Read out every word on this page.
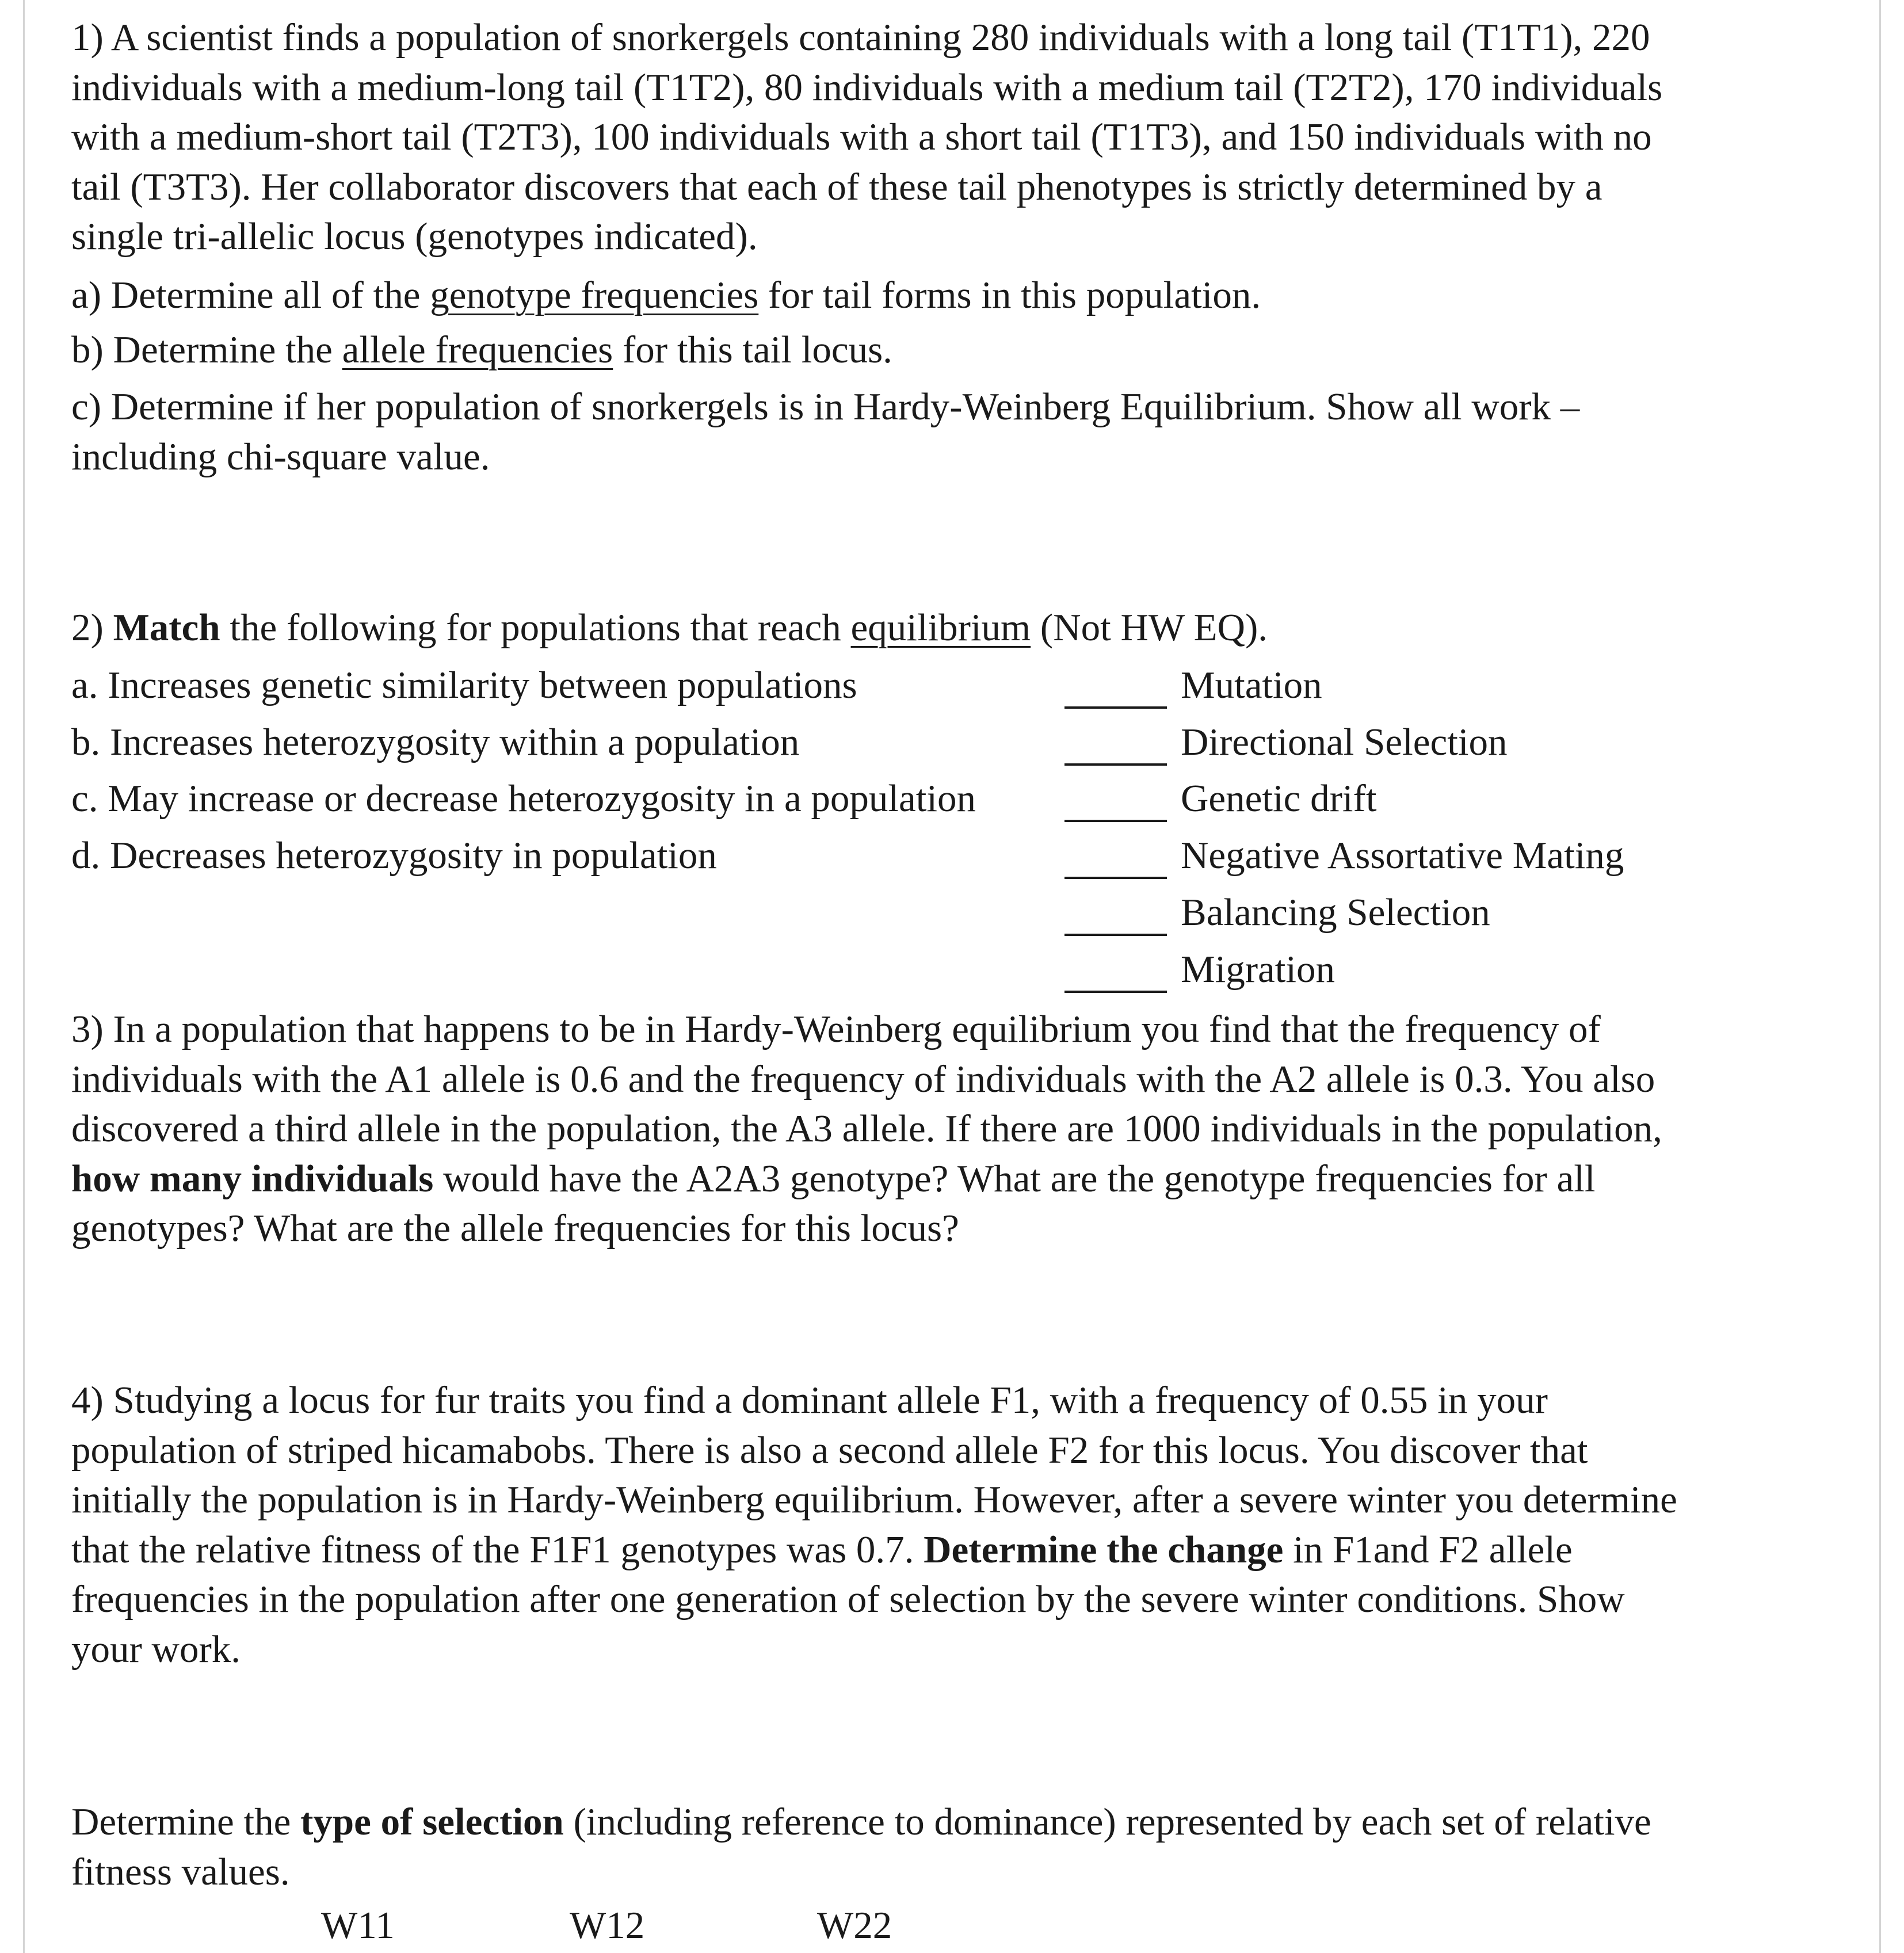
1) A scientist finds a population of snorkergels containing 280 individuals with a long tail (T1T1), 220
individuals with a medium-long tail (T1T2), 80 individuals with a medium tail (T2T2), 170 individuals
with a medium-short tail (T2T3), 100 individuals with a short tail (T1T3), and 150 individuals with no
tail (T3T3). Her collaborator discovers that each of these tail phenotypes is strictly determined by a
single tri-allelic locus (genotypes indicated).
a) Determine all of the genotype frequencies for tail forms in this population.
b) Determine the allele frequencies for this tail locus.
c) Determine if her population of snorkergels is in Hardy-Weinberg Equilibrium. Show all work –
including chi-square value.
2) Match the following for populations that reach equilibrium (Not HW EQ).
a. Increases genetic similarity between populations
b. Increases heterozygosity within a population
c. May increase or decrease heterozygosity in a population
d. Decreases heterozygosity in population
Mutation
Directional Selection
Genetic drift
Negative Assortative Mating
Balancing Selection
Migration
3) In a population that happens to be in Hardy-Weinberg equilibrium you find that the frequency of
individuals with the A1 allele is 0.6 and the frequency of individuals with the A2 allele is 0.3. You also
discovered a third allele in the population, the A3 allele. If there are 1000 individuals in the population,
how many individuals would have the A2A3 genotype? What are the genotype frequencies for all
genotypes? What are the allele frequencies for this locus?
4) Studying a locus for fur traits you find a dominant allele F1, with a frequency of 0.55 in your
population of striped hicamabobs. There is also a second allele F2 for this locus. You discover that
initially the population is in Hardy-Weinberg equilibrium. However, after a severe winter you determine
that the relative fitness of the F1F1 genotypes was 0.7. Determine the change in F1and F2 allele
frequencies in the population after one generation of selection by the severe winter conditions. Show
your work.
Determine the type of selection (including reference to dominance) represented by each set of relative
fitness values.
W11	W12	W22
